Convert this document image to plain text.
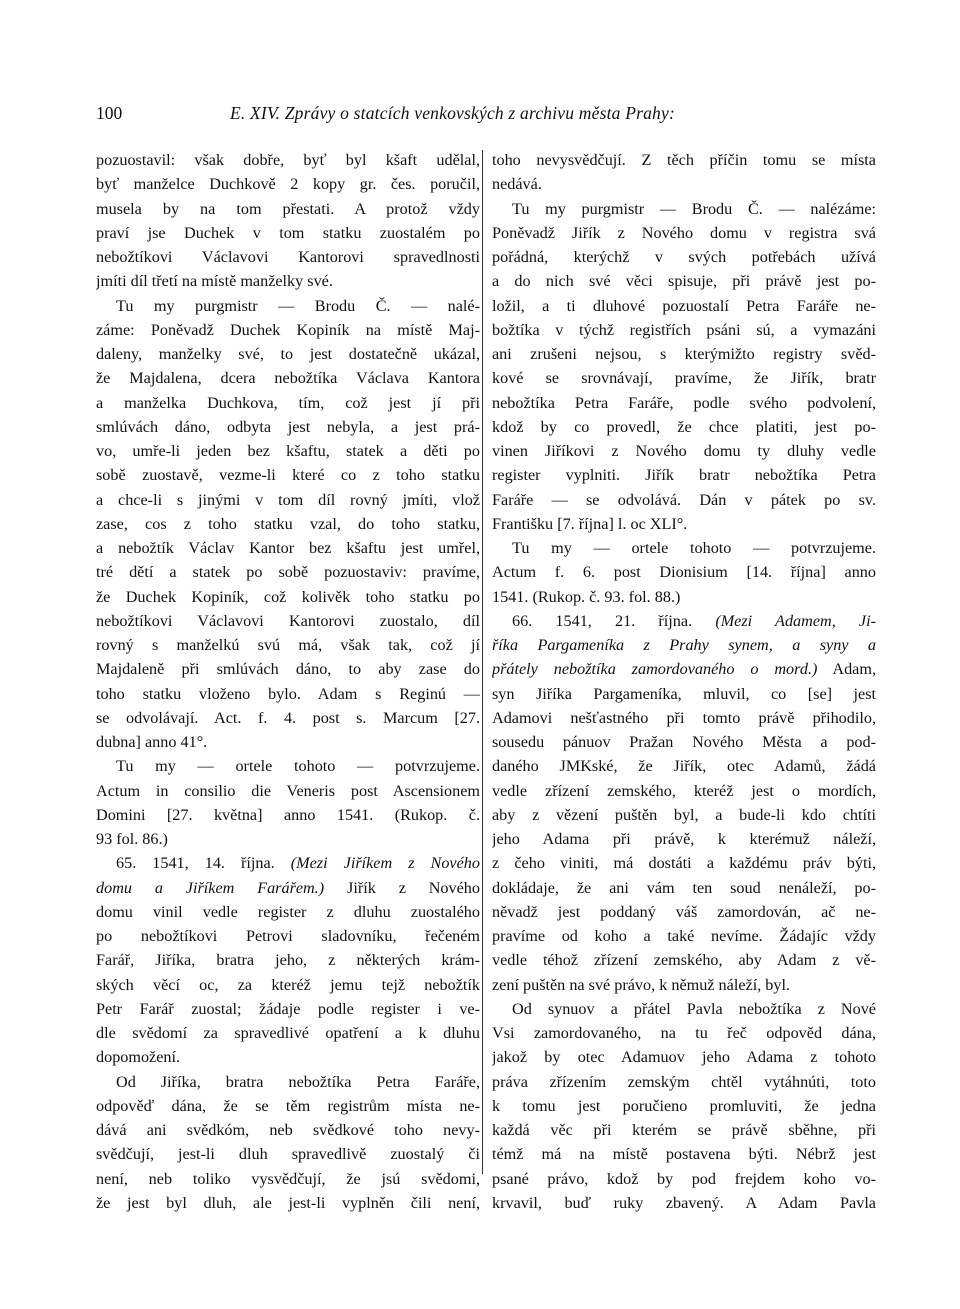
100	E. XIV. Zprávy o statcích venkovských z archivu města Prahy:
pozuostavil: však dobře, byť byl kšaft udělal,
byť manželce Duchkově 2 kopy gr. čes. poručil,
musela by na tom přestati. A protož vždy
praví jse Duchek v tom statku zuostalém po
nebožtíkovi Václavovi Kantorovi spravedlnosti
jmíti díl třetí na místě manželky své.
Tu my purgmistr — Brodu Č. — nalé-
záme: Poněvadž Duchek Kopiník na místě Maj-
daleny, manželky své, to jest dostatečně ukázal,
že Majdalena, dcera nebožtíka Václava Kantora
a manželka Duchkova, tím, což jest jí při
smlúvách dáno, odbyta jest nebyla, a jest prá-
vo, umře-li jeden bez kšaftu, statek a děti po
sobě zuostavě, vezme-li které co z toho statku
a chce-li s jinými v tom díl rovný jmíti, vlož
zase, cos z toho statku vzal, do toho statku,
a nebožtík Václav Kantor bez kšaftu jest umřel,
tré dětí a statek po sobě pozuostaviv: pravíme,
že Duchek Kopiník, což kolivěk toho statku po
nebožtíkovi Václavovi Kantorovi zuostalo, díl
rovný s manželkú svú má, však tak, což jí
Majdaleně při smlúvách dáno, to aby zase do
toho statku vloženo bylo. Adam s Reginú —
se odvolávají. Act. f. 4. post s. Marcum [27.
dubna] anno 41°.
Tu my — ortele tohoto — potvrzujeme.
Actum in consilio die Veneris post Ascensionem
Domini [27. května] anno 1541. (Rukop. č.
93 fol. 86.)
65. 1541, 14. října. (Mezi Jiříkem z Nového
domu a Jiříkem Farářem.) Jiřík z Nového
domu vinil vedle register z dluhu zuostalého
po nebožtíkovi Petrovi sladovníku, řečeném
Farář, Jiříka, bratra jeho, z některých krám-
ských věcí oc, za kteréž jemu tejž nebožtík
Petr Farář zuostal; žádaje podle register i ve-
dle svědomí za spravedlivé opatření a k dluhu
dopomožení.
Od Jiříka, bratra nebožtíka Petra Faráře,
odpověď dána, že se těm registrům místa ne-
dává ani svědkóm, neb svědkové toho nevy-
svědčují, jest-li dluh spravedlivě zuostalý či
není, neb toliko vysvědčují, že jsú svědomi,
že jest byl dluh, ale jest-li vyplněn čili není,
toho nevysvědčují. Z těch příčin tomu se místa
nedává.
Tu my purgmistr — Brodu Č. — nalézáme:
Poněvadž Jiřík z Nového domu v registra svá
pořádná, kterýchž v svých potřebách užívá
a do nich své věci spisuje, při právě jest po-
ložil, a ti dluhové pozuostalí Petra Faráře ne-
božtíka v týchž registřích psáni sú, a vymazáni
ani zrušeni nejsou, s kterýmižto registry svěd-
kové se srovnávají, pravíme, že Jiřík, bratr
nebožtíka Petra Faráře, podle svého podvolení,
kdož by co provedl, že chce platiti, jest po-
vinen Jiříkovi z Nového domu ty dluhy vedle
register vyplniti. Jiřík bratr nebožtíka Petra
Faráře — se odvolává. Dán v pátek po sv.
Františku [7. října] l. oc XLI°.
Tu my — ortele tohoto — potvrzujeme.
Actum f. 6. post Dionisium [14. října] anno
1541. (Rukop. č. 93. fol. 88.)
66. 1541, 21. října. (Mezi Adamem, Ji-
říka Pargameníka z Prahy synem, a syny a
přátely nebožtíka zamordovaného o mord.) Adam,
syn Jiříka Pargameníka, mluvil, co [se] jest
Adamovi nešťastného při tomto právě přihodilo,
sousedu pánuov Pražan Nového Města a pod-
daného JMKské, že Jiřík, otec Adamů, žádá
vedle zřízení zemského, kteréž jest o mordích,
aby z vězení puštěn byl, a bude-li kdo chtíti
jeho Adama při právě, k kterémuž náleží,
z čeho viniti, má dostáti a každému práv býti,
dokládaje, že ani vám ten soud nenáleží, po-
něvadž jest poddaný váš zamordován, ač ne-
pravíme od koho a také nevíme. Žádajíc vždy
vedle téhož zřízení zemského, aby Adam z vě-
zení puštěn na své právo, k němuž náleží, byl.
Od synuov a přátel Pavla nebožtíka z Nové
Vsi zamordovaného, na tu řeč odpověd dána,
jakož by otec Adamuov jeho Adama z tohoto
práva zřízením zemským chtěl vytáhnúti, toto
k tomu jest poručieno promluviti, že jedna
každá věc při kterém se právě sběhne, při
témž má na místě postavena býti. Nébrž jest
psané právo, kdož by pod frejdem koho vo-
krvavil, buď ruky zbavený. A Adam Pavla
